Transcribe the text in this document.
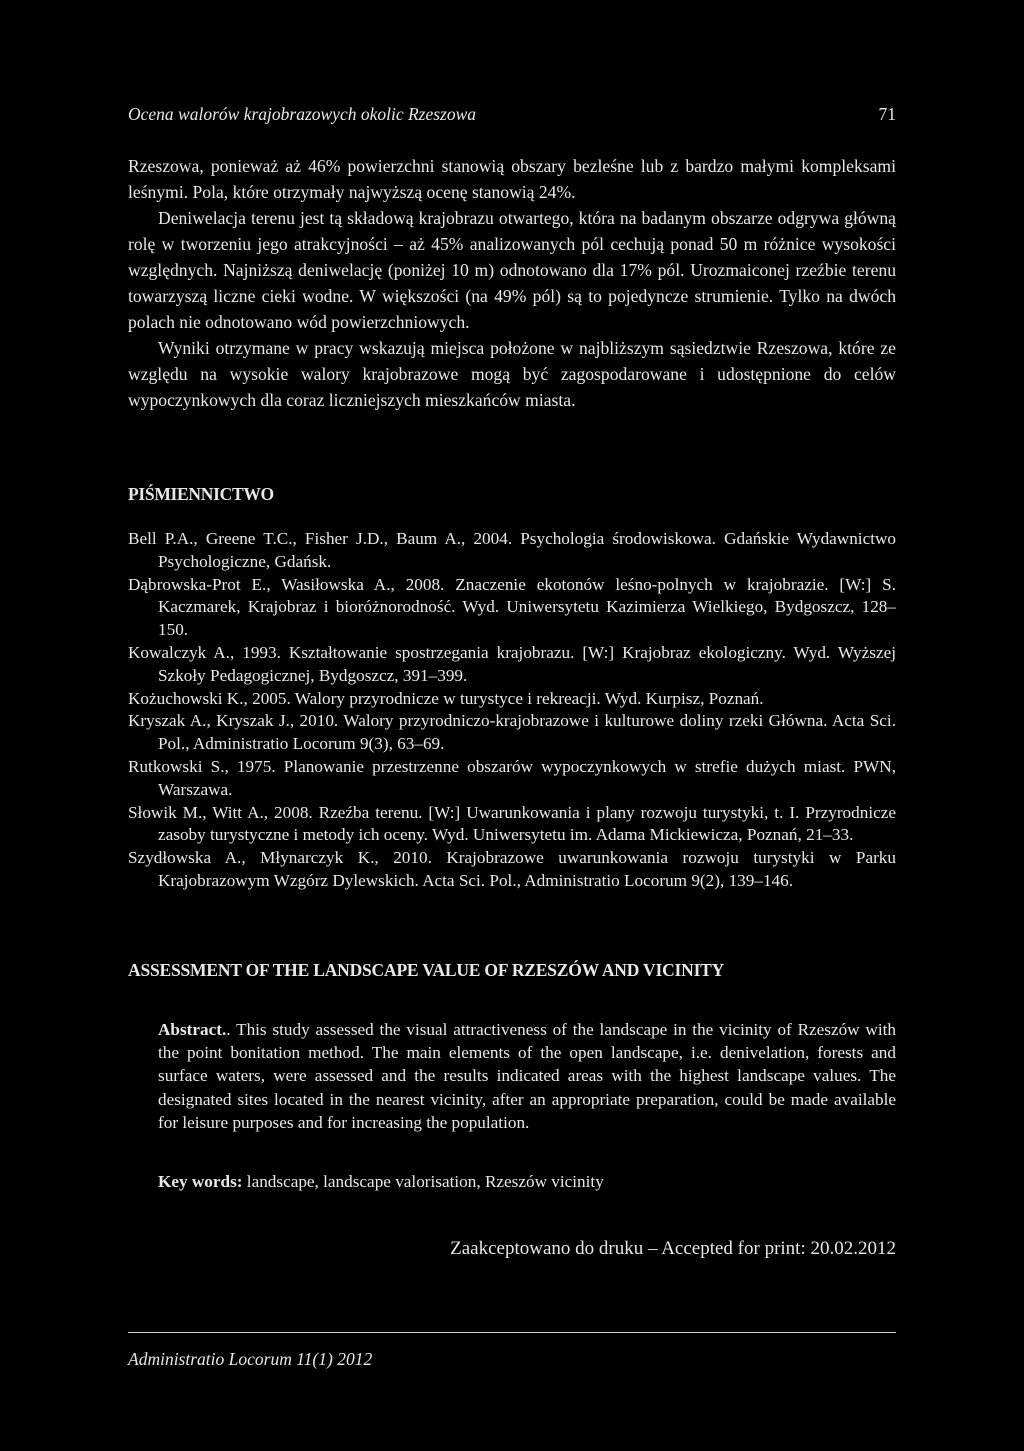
Ocena walorów krajobrazowych okolic Rzeszowa	71

Rzeszowa, ponieważ aż 46% powierzchni stanowią obszary bezleśne lub z bardzo małymi kompleksami leśnymi. Pola, które otrzymały najwyższą ocenę stanowią 24%.

Deniwelacja terenu jest tą składową krajobrazu otwartego, która na badanym obszarze odgrywa główną rolę w tworzeniu jego atrakcyjności – aż 45% analizowanych pól cechują ponad 50 m różnice wysokości względnych. Najniższą deniwelację (poniżej 10 m) odnotowano dla 17% pól. Urozmaiconej rzeźbie terenu towarzyszą liczne cieki wodne. W większości (na 49% pól) są to pojedyncze strumienie. Tylko na dwóch polach nie odnotowano wód powierzchniowych.

Wyniki otrzymane w pracy wskazują miejsca położone w najbliższym sąsiedztwie Rzeszowa, które ze względu na wysokie walory krajobrazowe mogą być zagospodarowane i udostępnione do celów wypoczynkowych dla coraz liczniejszych mieszkańców miasta.

PIŚMIENNICTWO

Bell P.A., Greene T.C., Fisher J.D., Baum A., 2004. Psychologia środowiskowa. Gdańskie Wydawnictwo Psychologiczne, Gdańsk.

Dąbrowska-Prot E., Wasiłowska A., 2008. Znaczenie ekotonów leśno-polnych w krajobrazie. [W:] S. Kaczmarek, Krajobraz i bioróżnorodność. Wyd. Uniwersytetu Kazimierza Wielkiego, Bydgoszcz, 128–150.

Kowalczyk A., 1993. Kształtowanie spostrzegania krajobrazu. [W:] Krajobraz ekologiczny. Wyd. Wyższej Szkoły Pedagogicznej, Bydgoszcz, 391–399.

Kożuchowski K., 2005. Walory przyrodnicze w turystyce i rekreacji. Wyd. Kurpisz, Poznań.

Kryszak A., Kryszak J., 2010. Walory przyrodniczo-krajobrazowe i kulturowe doliny rzeki Główna. Acta Sci. Pol., Administratio Locorum 9(3), 63–69.

Rutkowski S., 1975. Planowanie przestrzenne obszarów wypoczynkowych w strefie dużych miast. PWN, Warszawa.

Słowik M., Witt A., 2008. Rzeźba terenu. [W:] Uwarunkowania i plany rozwoju turystyki, t. I. Przyrodnicze zasoby turystyczne i metody ich oceny. Wyd. Uniwersytetu im. Adama Mickiewicza, Poznań, 21–33.

Szydłowska A., Młynarczyk K., 2010. Krajobrazowe uwarunkowania rozwoju turystyki w Parku Krajobrazowym Wzgórz Dylewskich. Acta Sci. Pol., Administratio Locorum 9(2), 139–146.

ASSESSMENT OF THE LANDSCAPE VALUE OF RZESZÓW AND VICINITY
Abstract.. This study assessed the visual attractiveness of the landscape in the vicinity of Rzeszów with the point bonitation method. The main elements of the open landscape, i.e. denivelation, forests and surface waters, were assessed and the results indicated areas with the highest landscape values. The designated sites located in the nearest vicinity, after an appropriate preparation, could be made available for leisure purposes and for increasing the population.
Key words: landscape, landscape valorisation, Rzeszów vicinity
Zaakceptowano do druku – Accepted for print: 20.02.2012
Administratio Locorum 11(1) 2012
